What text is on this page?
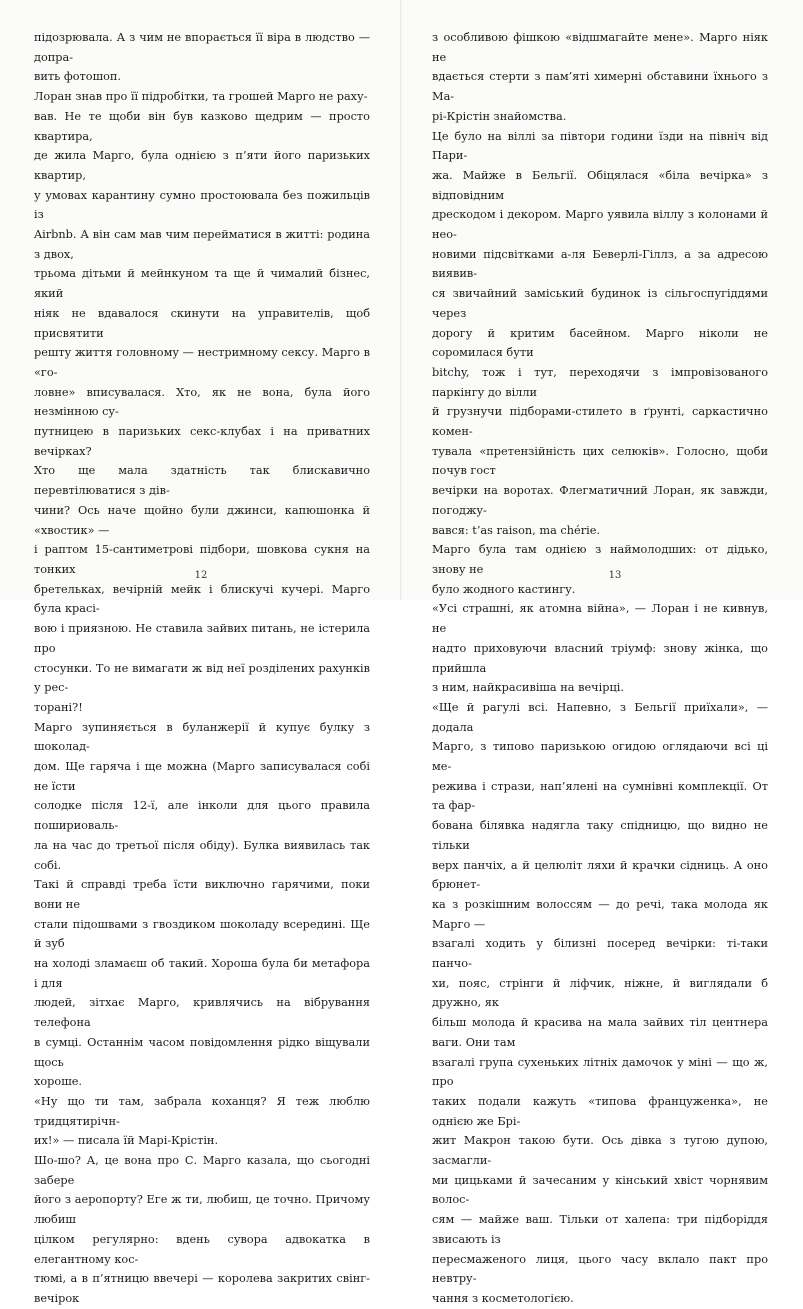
підозрювала. А з чим не впорається її віра в людство — допра-
вить фотошоп.

Лоран знав про її підробітки, та грошей Марго не раху-
вав. Не те щоби він був казково щедрим — просто квартира,
де жила Марго, була однією з п’яти його паризьких квартир,
у умовах карантину сумно простоювала без пожильців із
Airbnb. А він сам мав чим перейматися в житті: родина з двох,
трьома дітьми й мейнкуном та ще й чималий бізнес, який
ніяк не вдавалося скинути на управителів, щоб присвятити
решту життя головному — нестримному сексу. Марго в «го-
ловне» вписувалася. Хто, як не вона, була його незмінною су-
путницею в паризьких секс-клубах і на приватних вечірках?
Хто ще мала здатність так блискавично перевтілюватися з дів-
чини? Ось наче щойно були джинси, капюшонка й «хвостик» —
і раптом 15-сантиметрові підбори, шовкова сукня на тонких
бретельках, вечірній мейк і блискучі кучері. Марго була красі-
вою і приязною. Не ставила зайвих питань, не істерила про
стосунки. То не вимагати ж від неї розділених рахунків у рес-
торані?!

Марго зупиняється в буланжерії й купує булку з шоколад-
дом. Ще гаряча і ще можна (Марго записувалася собі не їсти
солодке після 12-ї, але інколи для цього правила пошириоваль-
ла на час до третьої після обіду). Булка виявилась так собі.
Такі й справді треба їсти виключно гарячими, поки вони не
стали підошвами з гвоздиком шоколаду всередині. Ще й зуб
на холоді зламаєш об такий. Хороша була би метафора і для
людей, зітхає Марго, кривлячись на вібрування телефона
в сумці. Останнім часом повідомлення рідко віщували щось
хороше.

«Ну що ти там, забрала коханця? Я теж люблю тридцятирічн-
их!» — писала їй Марі-Крістін.

Шо-шо? А, це вона про С. Марго казала, що сьогодні забере
його з аеропорту? Еге ж ти, любиш, це точно. Причому любиш
цілком регулярно: вдень сувора адвокатка в елегантному кос-
тюмі, а в п’ятницю ввечері — королева закритих свінг-вечірок

12

з особливою фішкою «відшмагайте мене». Марго ніяк не
вдається стерти з пам’яті химерні обставини їхнього з Ма-
рі-Крістін знайомства.

Це було на віллі за півтори години їзди на північ від Пари-
жа. Майже в Бельгії. Обіцялася «біла вечірка» з відповідним
дрескодом і декором. Марго уявила віллу з колонами й нео-
новими підсвітками а-ля Беверлі-Гіллз, а за адресою виявив-
ся звичайний заміський будинок із сільгоспугіддями через
дорогу й критим басейном. Марго ніколи не соромилася бути
bitchy, тож і тут, переходячи з імпровізованого паркінгу до вілли
й грузнучи підборами-стилето в ґрунті, саркастично комен-
тувала «претензійність цих селюків». Голосно, щоби почув гост
вечірки на воротах. Флегматичний Лоран, як завжди, погоджу-
вався: t’as raison, ma chérie.

Марго була там однією з наймолодших: от дідько, знову не
було жодного кастингу.

«Усі страшні, як атомна війна», — Лоран і не кивнув, не
надто приховуючи власний тріумф: знову жінка, що прийшла
з ним, найкрасивіша на вечірці.

«Ще й рагулі всі. Напевно, з Бельгії приїхали», — додала
Марго, з типово паризькою огидою оглядаючи всі ці ме-
реживa і стрази, нап’ялені на сумнівні комплекції. От та фар-
бована білявка надягла таку спідницю, що видно не тільки
верх панчіх, а й целюліт ляхи й крачки сідниць. А оно брюнет-
ка з розкішним волоссям — до речі, така молода як Марго —
взагалі ходить у білизні посеред вечірки: ті-таки панчо-
хи, пояс, стрінги й ліфчик, ніжне, й виглядали б дружно, як
більш молода й красива на мала зайвих тіл центнера ваги. Они там
взагалі група сухеньких літніх дамочок у міні — що ж, про
таких подали кажуть «типова француженка», не однією же Брі-
жит Макрон такою бути. Ось дівка з тугою дупою, засмагли-
ми цицьками й зачесаним у кінський хвіст чорнявим волос-
сям — майже ваш. Тільки от халепа: три підборіддя звисають із
пересмаженого лиця, цього часу вклало пакт про невтру-
чання з косметологією.

13
